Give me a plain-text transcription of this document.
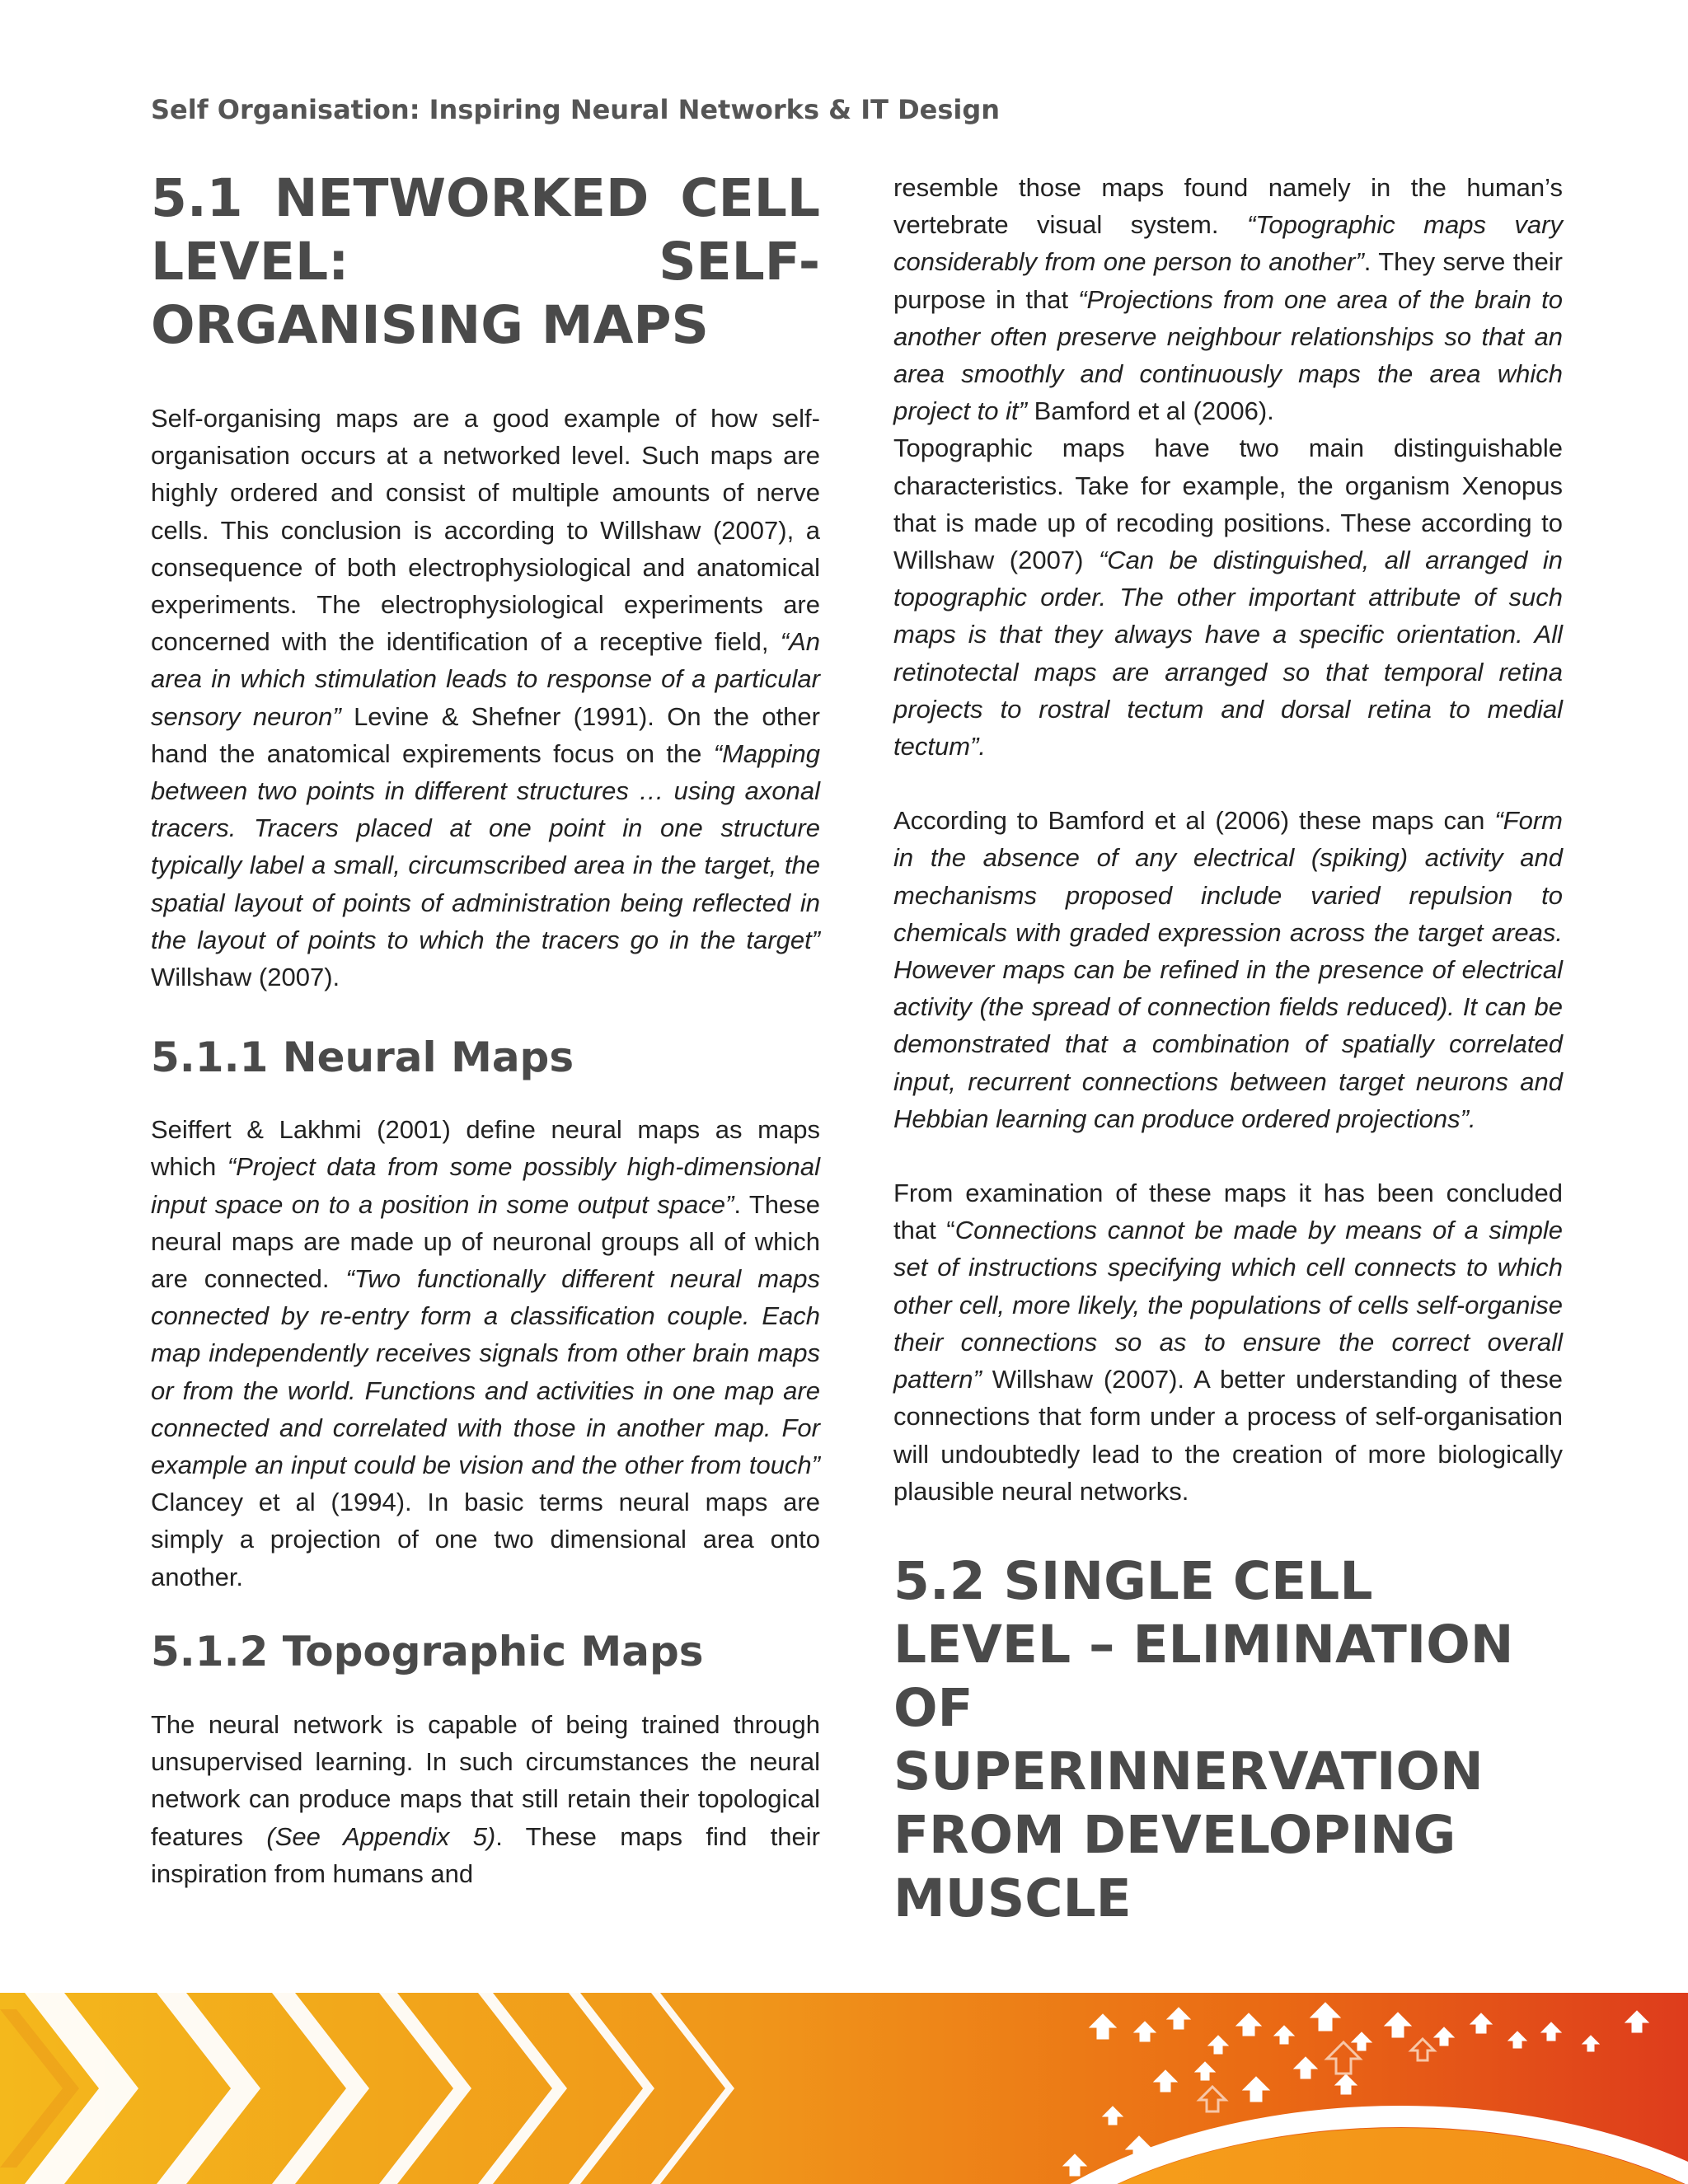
Self Organisation: Inspiring Neural Networks & IT Design
5.1 NETWORKED CELL LEVEL: SELF-ORGANISING MAPS

Self-organising maps are a good example of how self-organisation occurs at a networked level. Such maps are highly ordered and consist of multiple amounts of nerve cells. This conclusion is according to Willshaw (2007), a consequence of both electrophysiological and anatomical experiments. The electrophysiological experiments are concerned with the identification of a receptive field, “An area in which stimulation leads to response of a particular sensory neuron” Levine & Shefner (1991). On the other hand the anatomical expirements focus on the “Mapping between two points in different structures … using axonal tracers. Tracers placed at one point in one structure typically label a small, circumscribed area in the target, the spatial layout of points of administration being reflected in the layout of points to which the tracers go in the target” Willshaw (2007).

5.1.1 Neural Maps

Seiffert & Lakhmi (2001) define neural maps as maps which “Project data from some possibly high-dimensional input space on to a position in some output space”. These neural maps are made up of neuronal groups all of which are connected. “Two functionally different neural maps connected by re-entry form a classification couple. Each map independently receives signals from other brain maps or from the world. Functions and activities in one map are connected and correlated with those in another map. For example an input could be vision and the other from touch” Clancey et al (1994). In basic terms neural maps are simply a projection of one two dimensional area onto another.

5.1.2 Topographic Maps

The neural network is capable of being trained through unsupervised learning. In such circumstances the neural network can produce maps that still retain their topological features (See Appendix 5). These maps find their inspiration from humans and

resemble those maps found namely in the human’s vertebrate visual system. “Topographic maps vary considerably from one person to another”. They serve their purpose in that “Projections from one area of the brain to another often preserve neighbour relationships so that an area smoothly and continuously maps the area which project to it” Bamford et al (2006).

Topographic maps have two main distinguishable characteristics. Take for example, the organism Xenopus that is made up of recoding positions. These according to Willshaw (2007) “Can be distinguished, all arranged in topographic order. The other important attribute of such maps is that they always have a specific orientation. All retinotectal maps are arranged so that temporal retina projects to rostral tectum and dorsal retina to medial tectum”.

According to Bamford et al (2006) these maps can “Form in the absence of any electrical (spiking) activity and mechanisms proposed include varied repulsion to chemicals with graded expression across the target areas. However maps can be refined in the presence of electrical activity (the spread of connection fields reduced). It can be demonstrated that a combination of spatially correlated input, recurrent connections between target neurons and Hebbian learning can produce ordered projections”.

From examination of these maps it has been concluded that “Connections cannot be made by means of a simple set of instructions specifying which cell connects to which other cell, more likely, the populations of cells self-organise their connections so as to ensure the correct overall pattern” Willshaw (2007). A better understanding of these connections that form under a process of self-organisation will undoubtedly lead to the creation of more biologically plausible neural networks.

5.2 SINGLE CELL LEVEL – ELIMINATION OF SUPERINNERVATION FROM DEVELOPING MUSCLE
